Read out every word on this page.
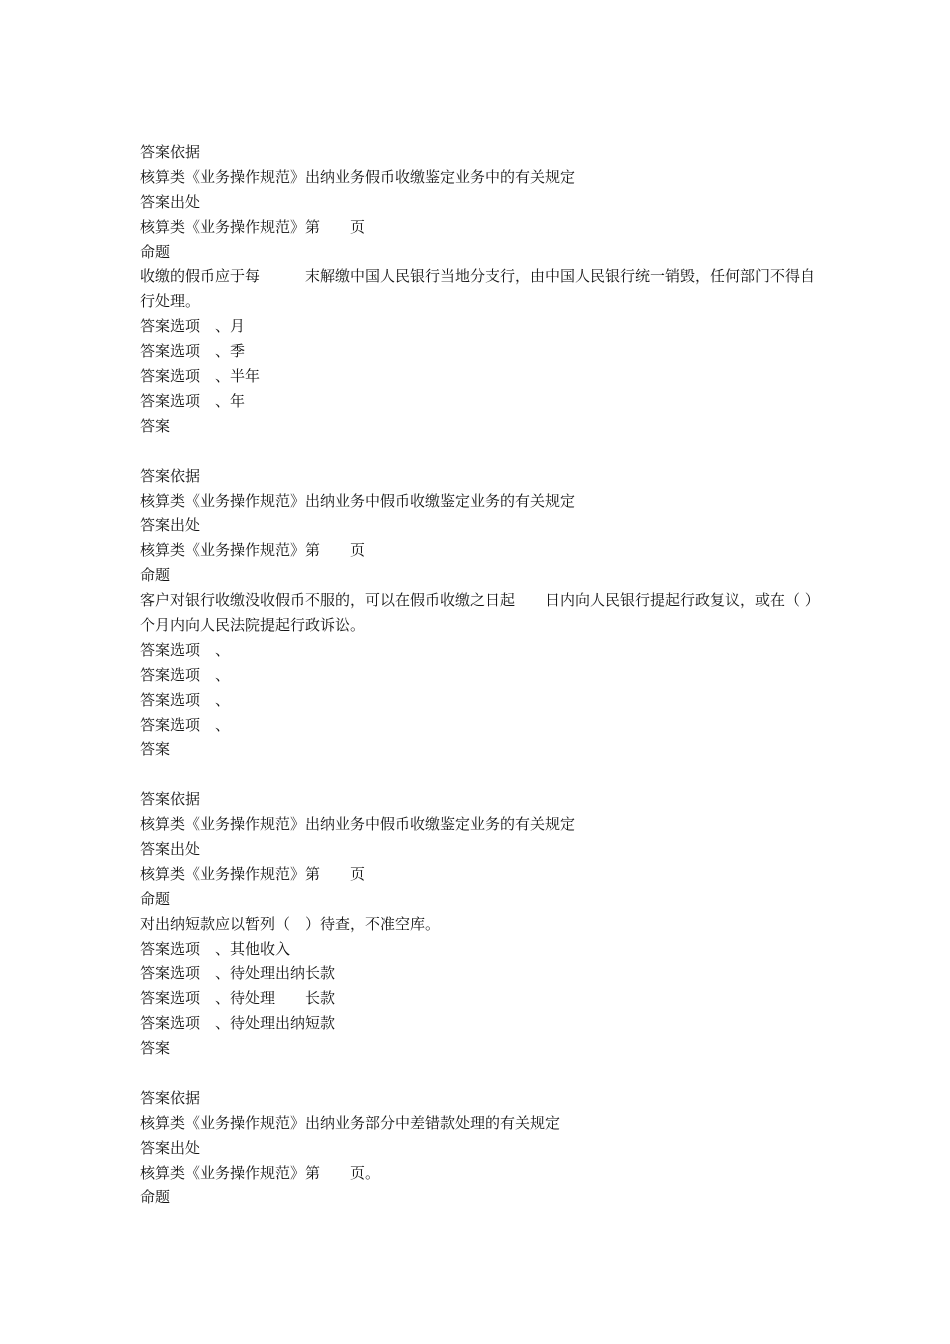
答案依据
核算类《业务操作规范》出纳业务假币收缴鉴定业务中的有关规定
答案出处
核算类《业务操作规范》第　　页
命题
收缴的假币应于每　　　末解缴中国人民银行当地分支行，由中国人民银行统一销毁，任何部门不得自行处理。
答案选项　、月
答案选项　、季
答案选项　、半年
答案选项　、年
答案
答案依据
核算类《业务操作规范》出纳业务中假币收缴鉴定业务的有关规定
答案出处
核算类《业务操作规范》第　　页
命题
客户对银行收缴没收假币不服的，可以在假币收缴之日起　　日内向人民银行提起行政复议，或在（ ）个月内向人民法院提起行政诉讼。
答案选项　、
答案选项　、
答案选项　、
答案选项　、
答案
答案依据
核算类《业务操作规范》出纳业务中假币收缴鉴定业务的有关规定
答案出处
核算类《业务操作规范》第　　页
命题
对出纳短款应以暂列（　）待查，不准空库。
答案选项　、其他收入
答案选项　、待处理出纳长款
答案选项　、待处理　　长款
答案选项　、待处理出纳短款
答案
答案依据
核算类《业务操作规范》出纳业务部分中差错款处理的有关规定
答案出处
核算类《业务操作规范》第　　页。
命题
